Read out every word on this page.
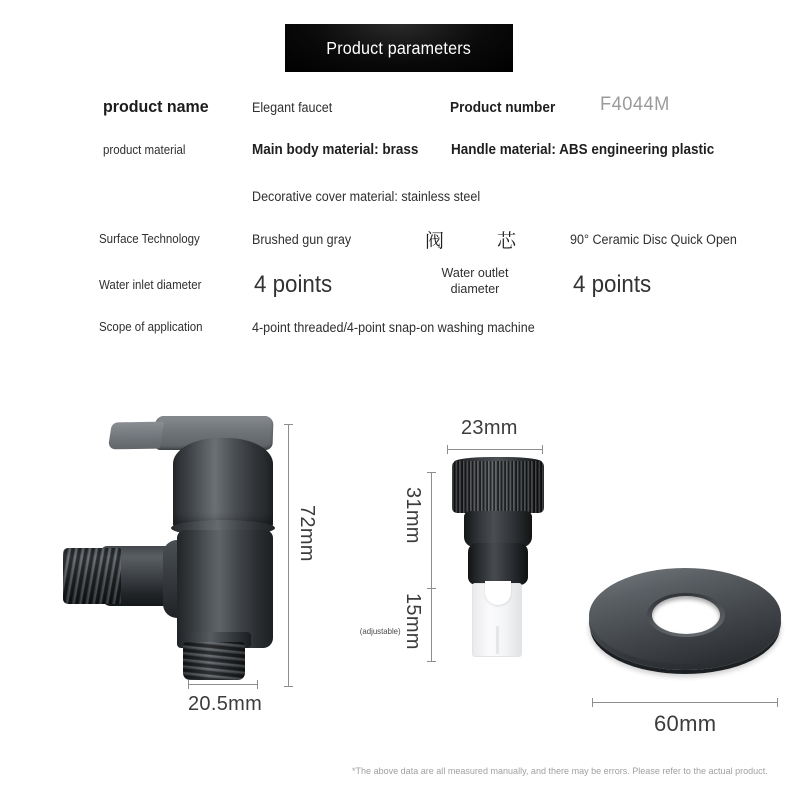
Product parameters
product name	Elegant faucet	Product number F4044M
product material	Main body material: brass Handle material: ABS engineering plastic
Decorative cover material: stainless steel
Surface Technology	Brushed gun gray	阀	芯	90° Ceramic Disc Quick Open
Water inlet diameter 4 points	Water outlet diameter	4 points
Scope of application	4-point threaded/4-point snap-on washing machine
72mm
20.5mm
23mm
31mm
15mm
(adjustable)
60mm
*The above data are all measured manually, and there may be errors. Please refer to the actual product.
